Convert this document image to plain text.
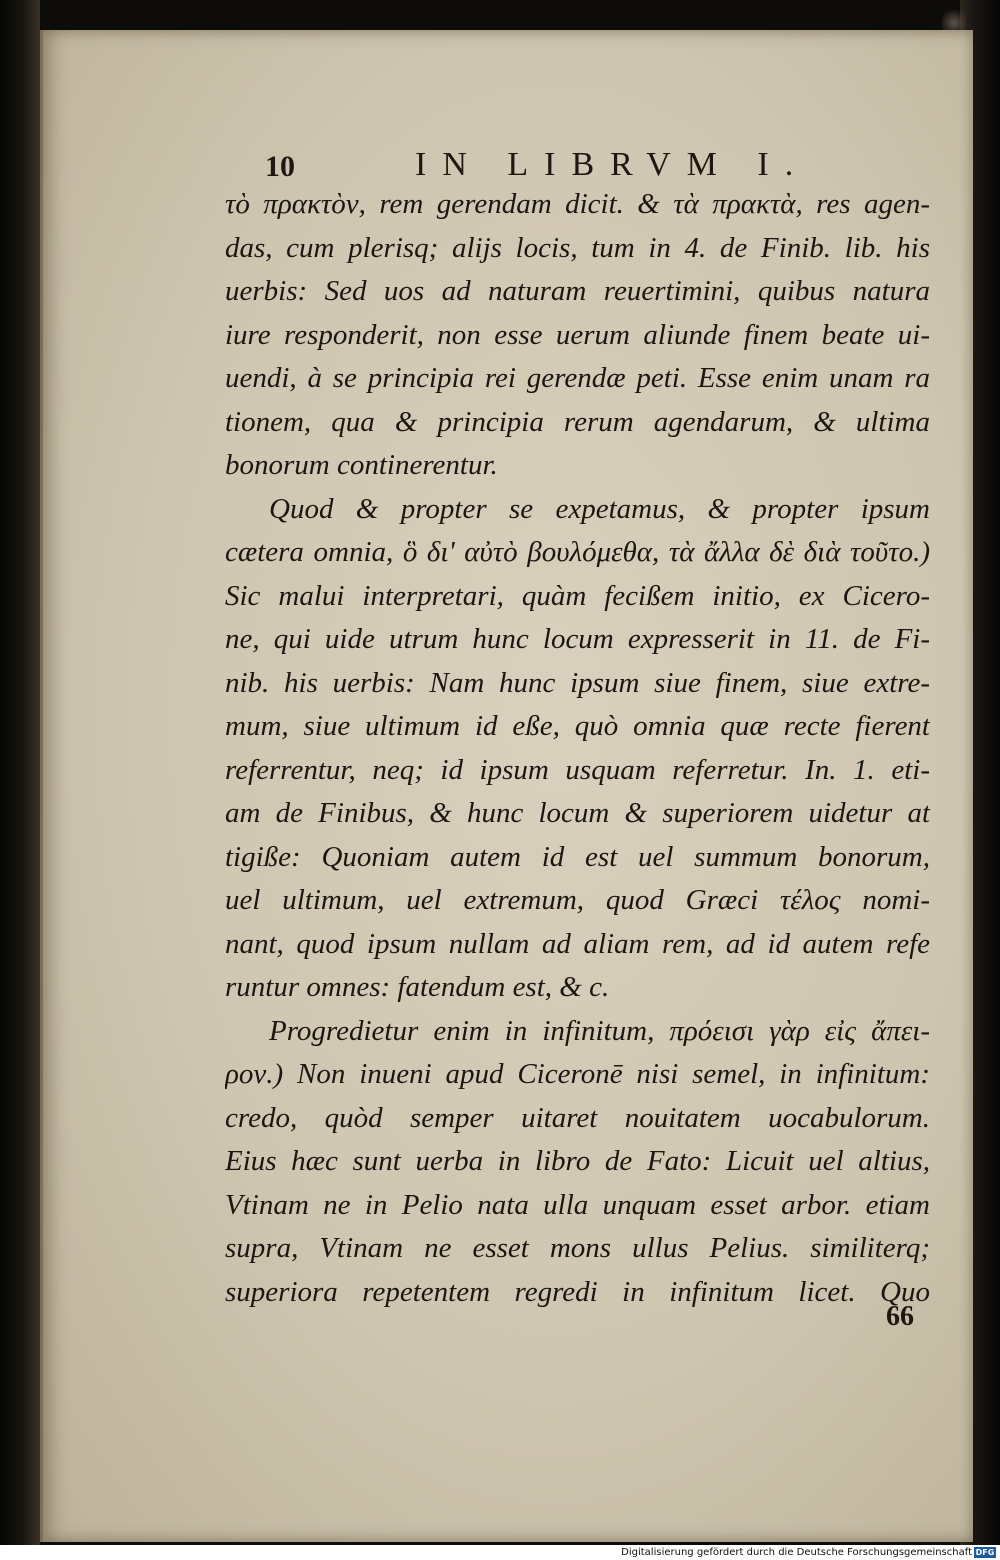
10	IN LIBRVM I.
τὸ πρακτὸν, rem gerendam dicit. & τὰ πρακτὰ, res agen-
das, cum plerisq; alijs locis, tum in 4. de Finib. lib. his
uerbis: Sed uos ad naturam reuertimini, quibus natura
iure responderit, non esse uerum aliunde finem beate ui-
uendi, à se principia rei gerendæ peti. Esse enim unam ra
tionem, qua & principia rerum agendarum, & ultima
bonorum continerentur.
Quod & propter se expetamus, & propter ipsum
cætera omnia, ὃ δι' αὐτὸ βουλόμεθα, τὰ ἄλλα δὲ διὰ τοῦτο.)
Sic malui interpretari, quàm fecißem initio, ex Cicero-
ne, qui uide utrum hunc locum expresserit in 11. de Fi-
nib. his uerbis: Nam hunc ipsum siue finem, siue extre-
mum, siue ultimum id eße, quò omnia quæ recte fierent
referrentur, neq; id ipsum usquam referretur. In. 1. eti-
am de Finibus, & hunc locum & superiorem uidetur at
tigiße: Quoniam autem id est uel summum bonorum,
uel ultimum, uel extremum, quod Græci τέλος nomi-
nant, quod ipsum nullam ad aliam rem, ad id autem refe
runtur omnes: fatendum est, & c.
Progredietur enim in infinitum, πρόεισι γὰρ εἰς ἄπει-
ρον.) Non inueni apud Ciceronē nisi semel, in infinitum:
credo, quòd semper uitaret nouitatem uocabulorum.
Eius hæc sunt uerba in libro de Fato: Licuit uel altius,
Vtinam ne in Pelio nata ulla unquam esset arbor. etiam
supra, Vtinam ne esset mons ullus Pelius. similiterq;
superiora repetentem regredi in infinitum licet. Quo
66
Digitalisierung gefördert durch die Deutsche Forschungsgemeinschaft DFG
